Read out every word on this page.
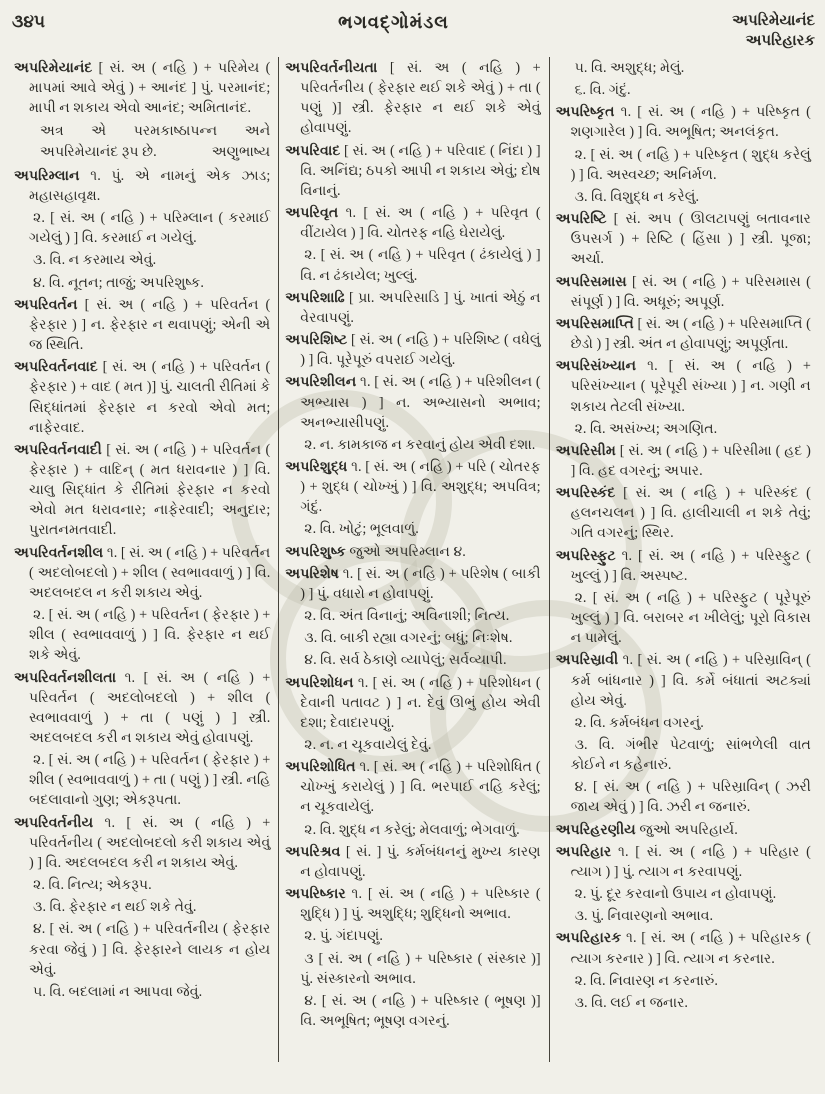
૩૪૫	ભગવદ્ગોમંડલ	અપરિમેયાનંદ
અપરિહારક

અપરિમેયાનંદ [ સં. અ ( નહિ ) + પરિમેય ( માપમાં આવે એવું ) + આનંદ ] પું. પરમાનંદ; માપી ન શકાય એવો આનંદ; અમિતાનંદ.

અત્ર એ પરમકાષ્ઠાપન્ન અને અપરિમેયાનંદ રૂપ છે.	અણુભાષ્ય

અપરિમ્લાન ૧. પું. એ નામનું એક ઝાડ; મહાસહાવૃક્ષ.

૨. [ સં. અ ( નહિ ) + પરિમ્લાન ( કરમાઈ ગયેલું ) ] વિ. કરમાઈ ન ગયેલું.

૩. વિ. ન કરમાય એવું.

૪. વિ. નૂતન; તાજું; અપરિશુષ્ક.

અપરિવર્તન [ સં. અ ( નહિ ) + પરિવર્તન ( ફેરફાર ) ] ન. ફેરફાર ન થવાપણું; એની એ જ સ્થિતિ.

અપરિવર્તનવાદ [ સં. અ ( નહિ ) + પરિવર્તન ( ફેરફાર ) + વાદ ( મત )] પું. ચાલતી રીતિમાં કે સિદ્ધાંતમાં ફેરફાર ન કરવો એવો મત; નાફેરવાદ.

અપરિવર્તનવાદી [ સં. અ ( નહિ ) + પરિવર્તન ( ફેરફાર ) + વાદિન્ ( મત ધરાવનાર ) ] વિ. ચાલુ સિદ્ધાંત કે રીતિમાં ફેરફાર ન કરવો એવો મત ધરાવનાર; નાફેરવાદી; અનુદાર; પુરાતનમતવાદી.

અપરિવર્તનશીલ ૧. [ સં. અ ( નહિ ) + પરિવર્તન ( અદલોબદલો ) + શીલ ( સ્વભાવવાળું ) ] વિ. અદલબદલ ન કરી શકાય એવું.

૨. [ સં. અ ( નહિ ) + પરિવર્તન ( ફેરફાર ) + શીલ ( સ્વભાવવાળું ) ] વિ. ફેરફાર ન થઈ શકે એવું.

અપરિવર્તનશીલતા ૧. [ સં. અ ( નહિ ) + પરિવર્તન ( અદલોબદલો ) + શીલ ( સ્વભાવવાળું ) + તા ( પણું ) ] સ્ત્રી. અદલબદલ કરી ન શકાય એવું હોવાપણું.

૨. [ સં. અ ( નહિ ) + પરિવર્તન ( ફેરફાર ) + શીલ ( સ્વભાવવાળું ) + તા ( પણું ) ] સ્ત્રી. નહિ બદલાવાનો ગુણ; એકરૂપતા.

અપરિવર્તનીય ૧. [ સં. અ ( નહિ ) + પરિવર્તનીય ( અદલોબદલો કરી શકાય એવું ) ] વિ. અદલબદલ કરી ન શકાય એવું.

૨. વિ. નિત્ય; એકરૂપ.

૩. વિ. ફેરફાર ન થઈ શકે તેવું.

૪. [ સં. અ ( નહિ ) + પરિવર્તનીય ( ફેરફાર કરવા જેવું ) ] વિ. ફેરફારને લાયક ન હોય એવું.

૫. વિ. બદલામાં ન આપવા જેવું.

અપરિવર્તનીયતા [ સં. અ ( નહિ ) + પરિવર્તનીય ( ફેરફાર થઈ શકે એવું ) + તા ( પણું )] સ્ત્રી. ફેરફાર ન થઈ શકે એવું હોવાપણું.

અપરિવાદ [ સં. અ ( નહિ ) + પરિવાદ ( નિંદા ) ] વિ. અનિંદ્ય; ઠપકો આપી ન શકાય એવું; દોષ વિનાનું.

અપરિવૃત ૧. [ સં. અ ( નહિ ) + પરિવૃત ( વીંટાયેલ ) ] વિ. ચોતરફ નહિ ઘેરાયેલું.

૨. [ સં. અ ( નહિ ) + પરિવૃત ( ઢંકાયેલું ) ] વિ. ન ઢંકાયેલ; ખુલ્લું.

અપરિશાઢિ [ પ્રા. અપરિસાડિ ] પું. ખાતાં એઠું ન વેરવાપણું.

અપરિશિષ્ટ [ સં. અ ( નહિ ) + પરિશિષ્ટ ( વધેલું ) ] વિ. પૂરેપૂરું વપરાઈ ગયેલું.

અપરિશીલન ૧. [ સં. અ ( નહિ ) + પરિશીલન ( અભ્યાસ ) ] ન. અભ્યાસનો અભાવ; અનભ્યાસીપણું.

૨. ન. કામકાજ ન કરવાનું હોય એવી દશા.

અપરિશુદ્ધ ૧. [ સં. અ ( નહિ ) + પરિ ( ચોતરફ ) + શુદ્ધ ( ચોખ્ખું ) ] વિ. અશુદ્ધ; અપવિત્ર; ગંદું.

૨. વિ. ખોટું; ભૂલવાળું.

અપરિશુષ્ક જુઓ અપરિમ્લાન ૪.

અપરિશેષ ૧. [ સં. અ ( નહિ ) + પરિશેષ ( બાકી ) ] પું. વધારો ન હોવાપણું.

૨. વિ. અંત વિનાનું; અવિનાશી; નિત્ય.

૩. વિ. બાકી રહ્યા વગરનું; બધું; નિઃશેષ.

૪. વિ. સર્વ ઠેકાણે વ્યાપેલું; સર્વવ્યાપી.

અપરિશોધન ૧. [ સં. અ ( નહિ ) + પરિશોધન ( દેવાની પતાવટ ) ] ન. દેવું ઊભું હોય એવી દશા; દેવાદારપણું.

૨. ન. ન ચૂકવાયેલું દેવું.

અપરિશોધિત ૧. [ સં. અ ( નહિ ) + પરિશોધિત ( ચોખ્ખું કરાયેલું ) ] વિ. ભરપાઈ નહિ કરેલું; ન ચૂકવાયેલું.

૨. વિ. શુદ્ધ ન કરેલું; મેલવાળું; ભેગવાળું.

અપરિશ્રવ [ સં. ] પું. કર્મબંધનનું મુખ્ય કારણ ન હોવાપણું.

અપરિષ્કાર ૧. [ સં. અ ( નહિ ) + પરિષ્કાર ( શુદ્ધિ ) ] પું. અશુદ્ધિ; શુદ્ધિનો અભાવ.

૨. પું. ગંદાપણું.

૩ [ સં. અ ( નહિ ) + પરિષ્કાર ( સંસ્કાર )] પું. સંસ્કારનો અભાવ.

૪. [ સં. અ ( નહિ ) + પરિષ્કાર ( ભૂષણ )] વિ. અભૂષિત; ભૂષણ વગરનું.

૫. વિ. અશુદ્ધ; મેલું.

૬. વિ. ગંદું.

અપરિષ્કૃત ૧. [ સં. અ ( નહિ ) + પરિષ્કૃત ( શણગારેલ ) ] વિ. અભૂષિત; અનલંકૃત.

૨. [ સં. અ ( નહિ ) + પરિષ્કૃત ( શુદ્ધ કરેલું ) ] વિ. અસ્વચ્છ; અનિર્મળ.

૩. વિ. વિશુદ્ધ ન કરેલું.

અપરિષ્ટિ [ સં. અપ ( ઊલટાપણું બતાવનાર ઉપસર્ગ ) + રિષ્ટિ ( હિંસા ) ] સ્ત્રી. પૂજા; અર્ચા.

અપરિસમાસ [ સં. અ ( નહિ ) + પરિસમાસ ( સંપૂર્ણ ) ] વિ. અધૂરું; અપૂર્ણ.

અપરિસમાપ્તિ [ સં. અ ( નહિ ) + પરિસમાપ્તિ ( છેડો ) ] સ્ત્રી. અંત ન હોવાપણું; અપૂર્ણતા.

અપરિસંખ્યાન ૧. [ સં. અ ( નહિ ) + પરિસંખ્યાન ( પૂરેપૂરી સંખ્યા ) ] ન. ગણી ન શકાય તેટલી સંખ્યા.

૨. વિ. અસંખ્ય; અગણિત.

અપરિસીમ [ સં. અ ( નહિ ) + પરિસીમા ( હદ ) ] વિ. હદ વગરનું; અપાર.

અપરિસ્કંદ [ સં. અ ( નહિ ) + પરિસ્કંદ ( હલનચલન ) ] વિ. હાલીચાલી ન શકે તેવું; ગતિ વગરનું; સ્થિર.

અપરિસ્ફુટ ૧. [ સં. અ ( નહિ ) + પરિસ્ફુટ ( ખુલ્લું ) ] વિ. અસ્પષ્ટ.

૨. [ સં. અ ( નહિ ) + પરિસ્ફુટ ( પૂરેપૂરું ખુલ્લું ) ] વિ. બરાબર ન ખીલેલું; પૂરો વિકાસ ન પામેલું.

અપરિસ્રાવી ૧. [ સં. અ ( નહિ ) + પરિસ્રાવિન્ ( કર્મ બાંધનાર ) ] વિ. કર્મે બંધાતાં અટક્યાં હોય એવું.

૨. વિ. કર્મબંધન વગરનું.

૩. વિ. ગંભીર પેટવાળું; સાંભળેલી વાત કોઈને ન કહેનારું.

૪. [ સં. અ ( નહિ ) + પરિસ્રાવિન્ ( ઝરી જાય એવું ) ] વિ. ઝરી ન જનારું.

અપરિહરણીય જુઓ અપરિહાર્ય.

અપરિહાર ૧. [ સં. અ ( નહિ ) + પરિહાર ( ત્યાગ ) ] પું. ત્યાગ ન કરવાપણું.

૨. પું. દૂર કરવાનો ઉપાય ન હોવાપણું.

૩. પું. નિવારણનો અભાવ.

અપરિહારક ૧. [ સં. અ ( નહિ ) + પરિહારક ( ત્યાગ કરનાર ) ] વિ. ત્યાગ ન કરનાર.

૨. વિ. નિવારણ ન કરનારું.

૩. વિ. લઈ ન જનાર.
